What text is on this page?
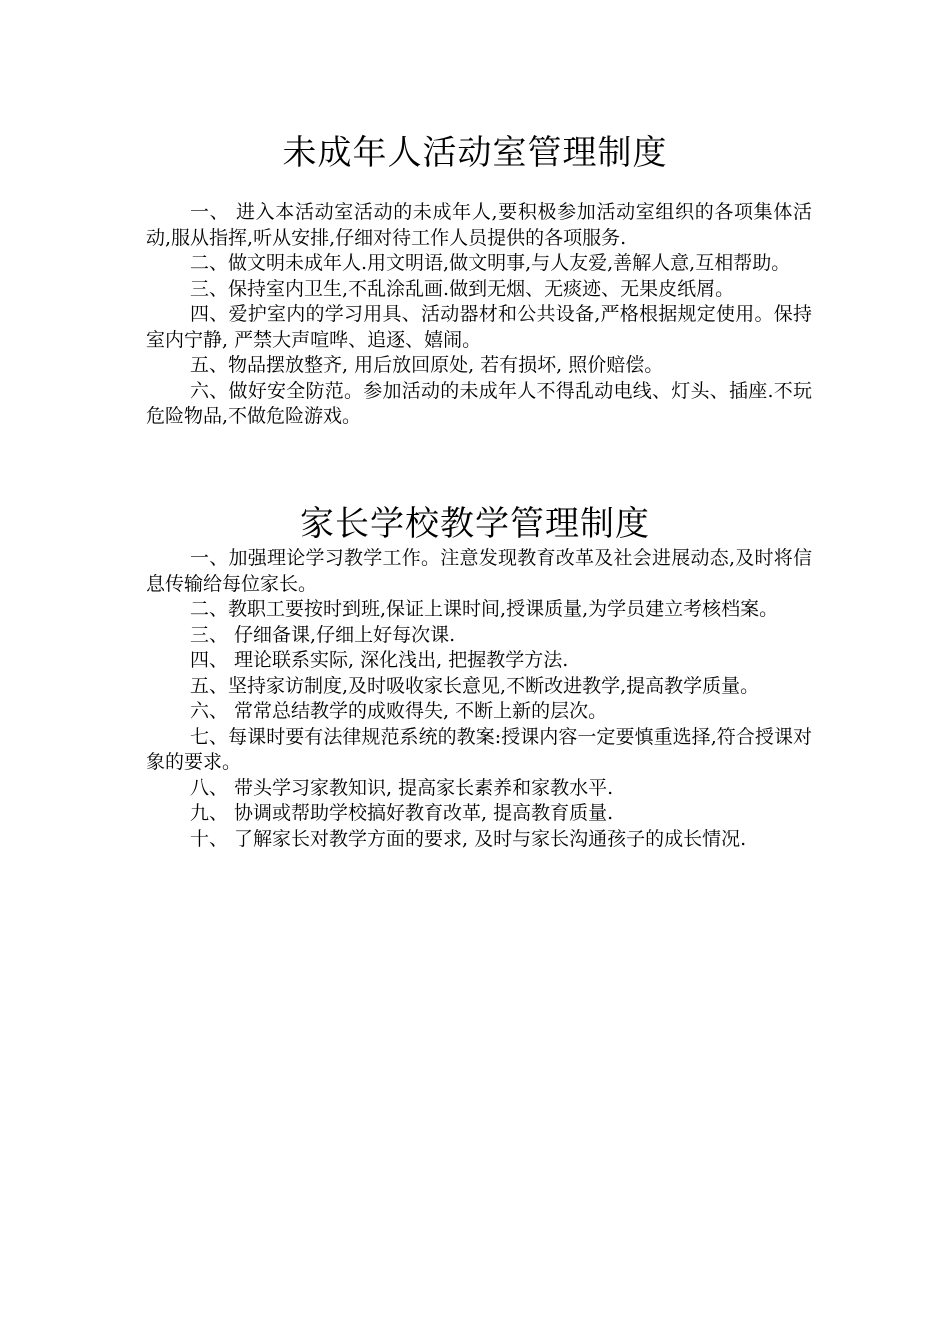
未成年人活动室管理制度

一、 进入本活动室活动的未成年人,要积极参加活动室组织的各项集体活动,服从指挥,听从安排,仔细对待工作人员提供的各项服务.

二、做文明未成年人.用文明语,做文明事,与人友爱,善解人意,互相帮助。

三、保持室内卫生,不乱涂乱画.做到无烟、无痰迹、无果皮纸屑。

四、爱护室内的学习用具、活动器材和公共设备,严格根据规定使用。保持室内宁静, 严禁大声喧哗、追逐、嬉闹。

五、物品摆放整齐, 用后放回原处, 若有损坏, 照价赔偿。

六、做好安全防范。参加活动的未成年人不得乱动电线、灯头、插座.不玩危险物品,不做危险游戏。

家长学校教学管理制度

一、加强理论学习教学工作。注意发现教育改革及社会进展动态,及时将信息传输给每位家长。

二、教职工要按时到班,保证上课时间,授课质量,为学员建立考核档案。

三、 仔细备课,仔细上好每次课.

四、 理论联系实际, 深化浅出, 把握教学方法.

五、坚持家访制度,及时吸收家长意见,不断改进教学,提高教学质量。

六、 常常总结教学的成败得失, 不断上新的层次。

七、每课时要有法律规范系统的教案:授课内容一定要慎重选择,符合授课对象的要求。

八、 带头学习家教知识, 提高家长素养和家教水平.

九、 协调或帮助学校搞好教育改革, 提高教育质量.

十、 了解家长对教学方面的要求, 及时与家长沟通孩子的成长情况.
